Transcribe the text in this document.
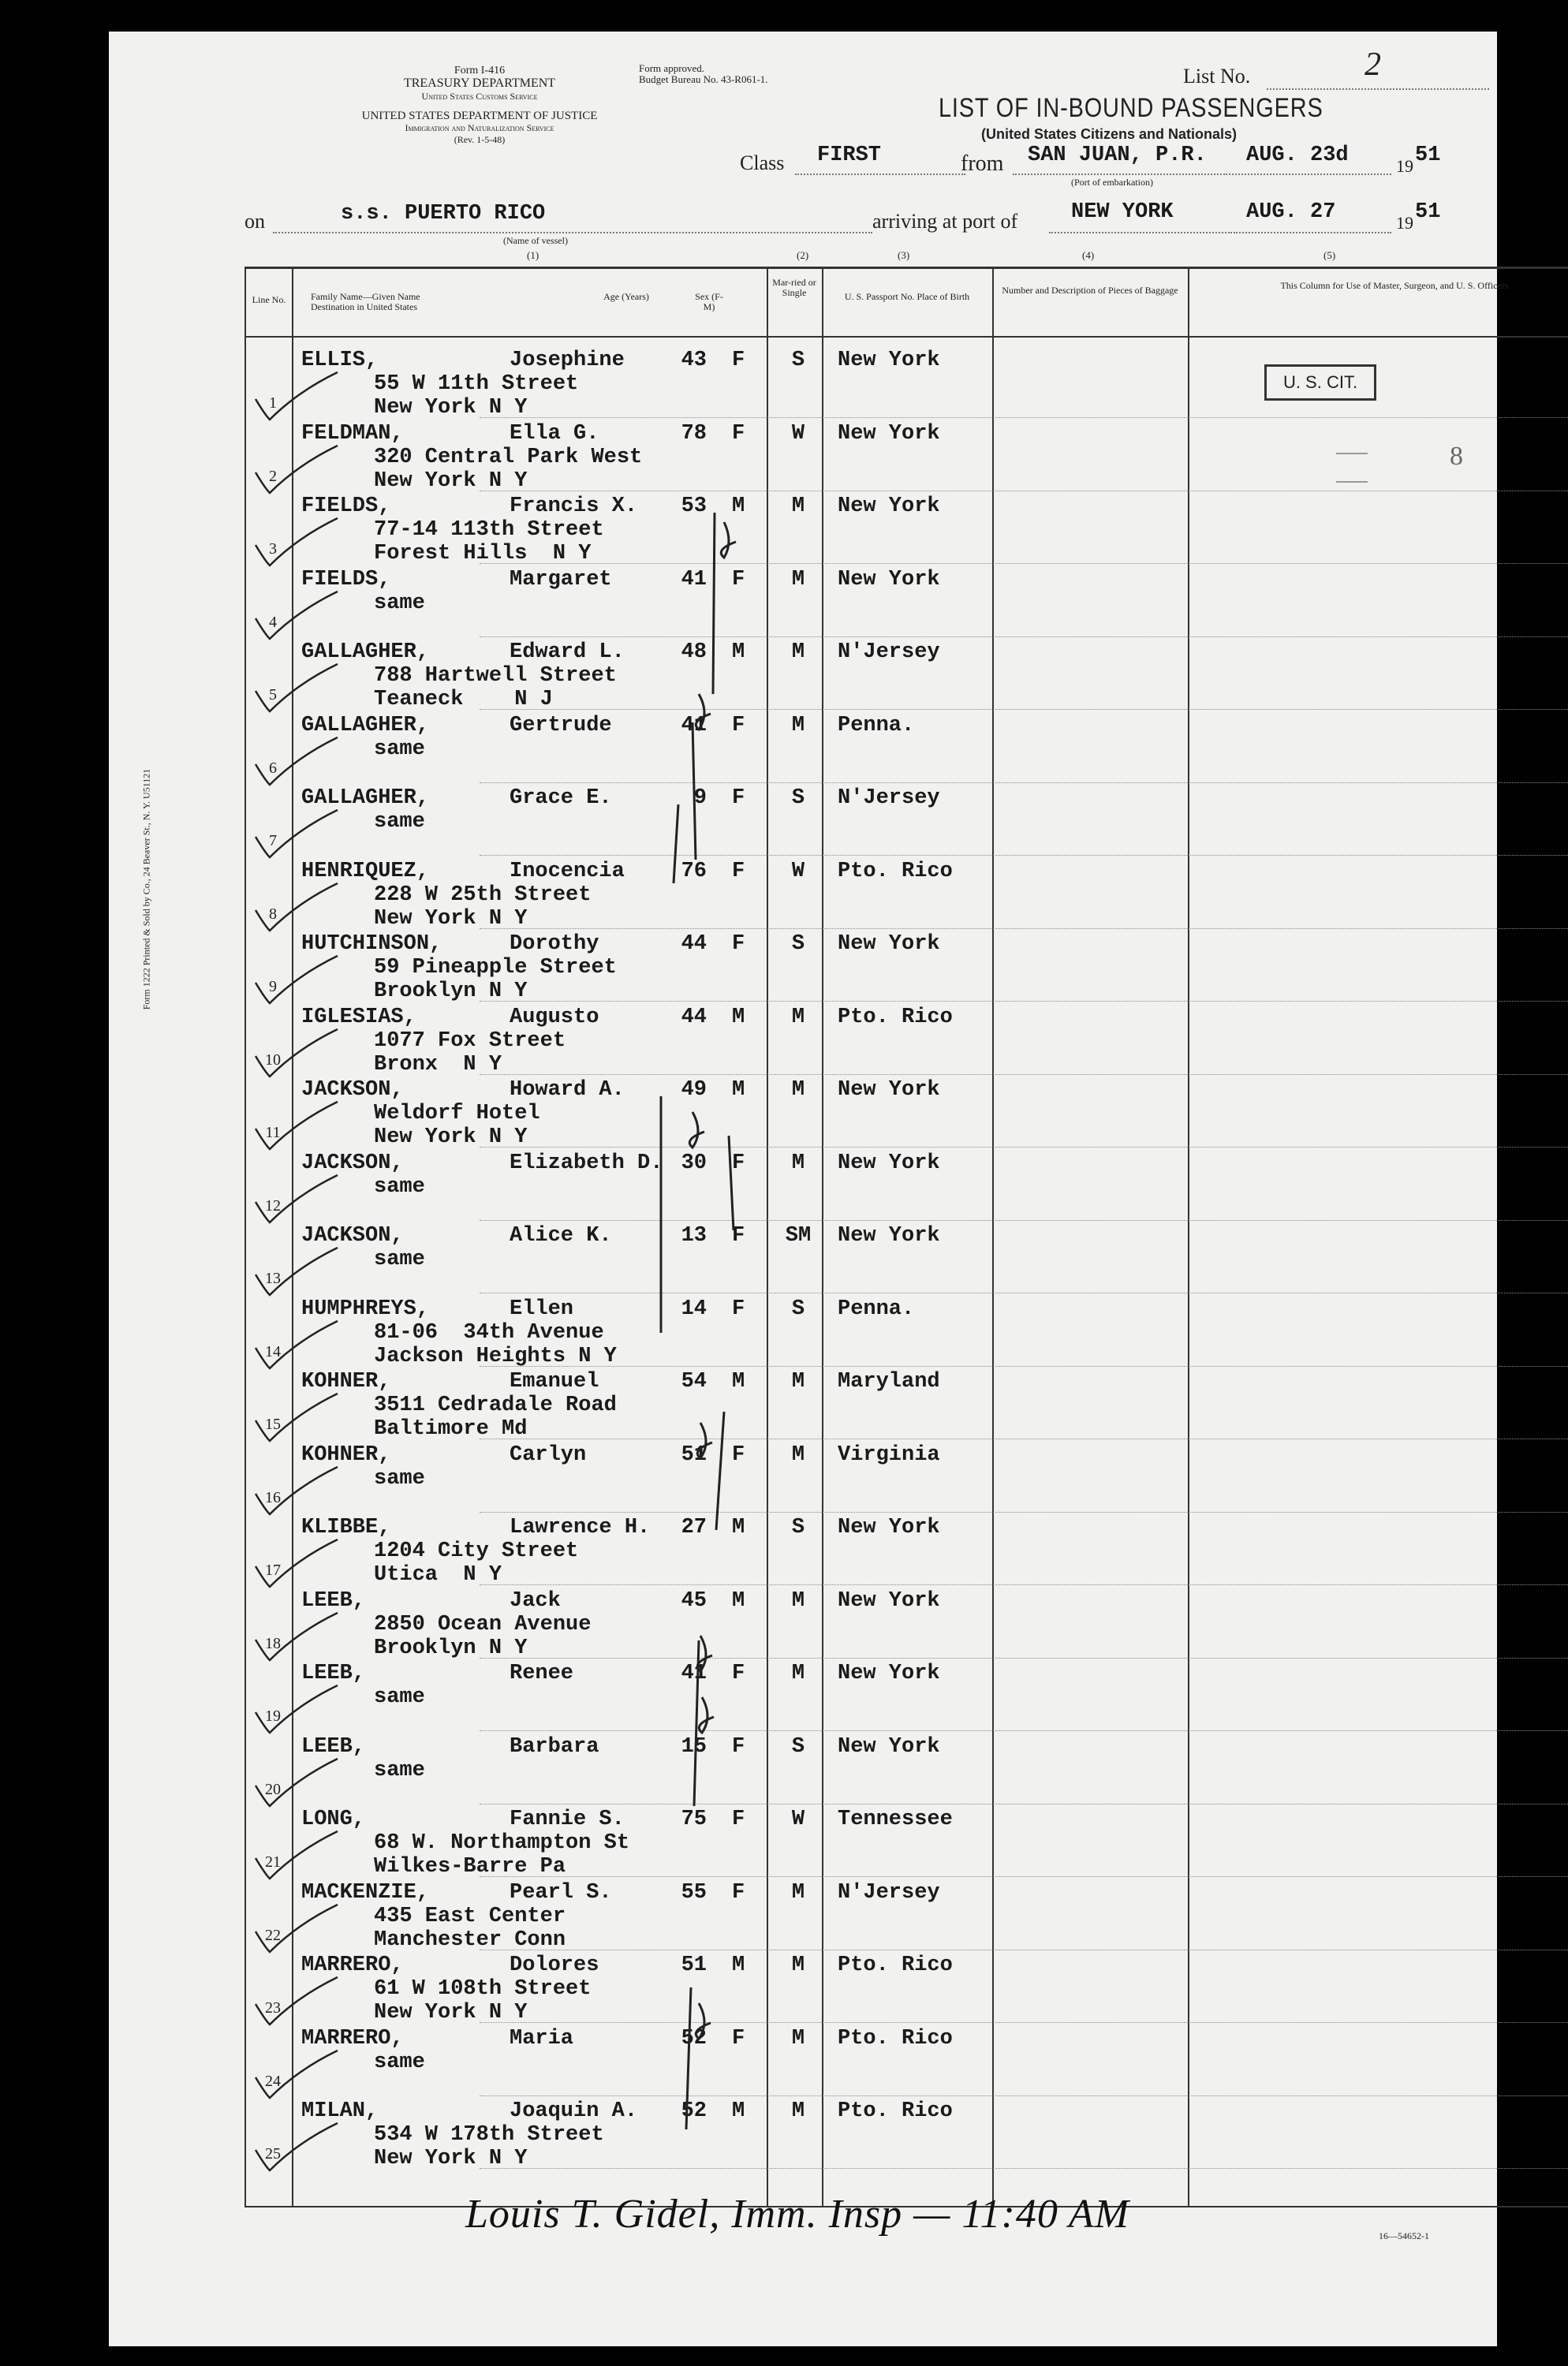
Form I-416
TREASURY DEPARTMENT
United States Customs Service
UNITED STATES DEPARTMENT OF JUSTICE
Immigration and Naturalization Service
(Rev. 1-5-48)
Form approved.
Budget Bureau No. 43-R061-1.	List No.	2
LIST OF IN-BOUND PASSENGERS
(United States Citizens and Nationals)
Class FIRST	from SAN JUAN, P.R.
(Port of embarkation)
AUG. 23d	19 51
on	s.s. PUERTO RICO
(Name of vessel)
arriving at port of	NEW YORK	AUG. 27	19 51
(1)	(2)	(3)	(4)	(5)
Form 1222 Printed & Sold by Co., 24 Beaver St., N. Y. U51121
Line No.	Family Name—Given Name
Destination in United States
Age (Years)	Sex (F-M)
Mar-ried or Single	U. S. Passport No. Place of Birth
Number and Description of Pieces of Baggage	This Column for Use of Master, Surgeon, and U. S. Officers
U. S. CIT.
8
1
ELLIS,	Josephine
55 W 11th Street
New York N Y
43 F	S	New York
2
FELDMAN,	Ella G.
320 Central Park West
New York N Y
78 F	W	New York
3
FIELDS,	Francis X.
77-14 113th Street
Forest Hills  N Y
53 M	M	New York
4
FIELDS,	Margaret
same
41 F	M	New York
5
GALLAGHER,	Edward L.
788 Hartwell Street
Teaneck    N J
48 M	M	N'Jersey
6
GALLAGHER,	Gertrude
same
41 F	M	Penna.
7
GALLAGHER,	Grace E.
same
9 F	S	N'Jersey
8
HENRIQUEZ,	Inocencia
228 W 25th Street
New York N Y
76 F	W	Pto. Rico
9
HUTCHINSON,	Dorothy
59 Pineapple Street
Brooklyn N Y
44 F	S	New York
10
IGLESIAS,	Augusto
1077 Fox Street
Bronx  N Y
44 M	M	Pto. Rico
11
JACKSON,	Howard A.
Weldorf Hotel
New York N Y
49 M	M	New York
12
JACKSON,	Elizabeth D.
same
30 F	M	New York
13
JACKSON,	Alice K.
same
13 F SM New York
14
HUMPHREYS,	Ellen
81-06  34th Avenue
Jackson Heights N Y
14 F	S	Penna.
15
KOHNER,	Emanuel
3511 Cedradale Road
Baltimore Md
54 M	M	Maryland
16
KOHNER,	Carlyn
same
51 F	M	Virginia
17
KLIBBE,	Lawrence H.
1204 City Street
Utica  N Y
27 M	S	New York
18
LEEB,	Jack
2850 Ocean Avenue
Brooklyn N Y
45 M	M	New York
19
LEEB,	Renee
same
41 F	M	New York
20
LEEB,	Barbara
same
15 F	S	New York
21
LONG,	Fannie S.
68 W. Northampton St
Wilkes-Barre Pa
75 F	W	Tennessee
22
MACKENZIE,	Pearl S.
435 East Center
Manchester Conn
55 F	M	N'Jersey
23
MARRERO,	Dolores
61 W 108th Street
New York N Y
51 M	M	Pto. Rico
24
MARRERO,	Maria
same
52 F	M	Pto. Rico
25
MILAN,	Joaquin A.
534 W 178th Street
New York N Y
52 M	M	Pto. Rico
Louis T. Gidel, Imm. Insp — 11:40 AM	16—54652-1
